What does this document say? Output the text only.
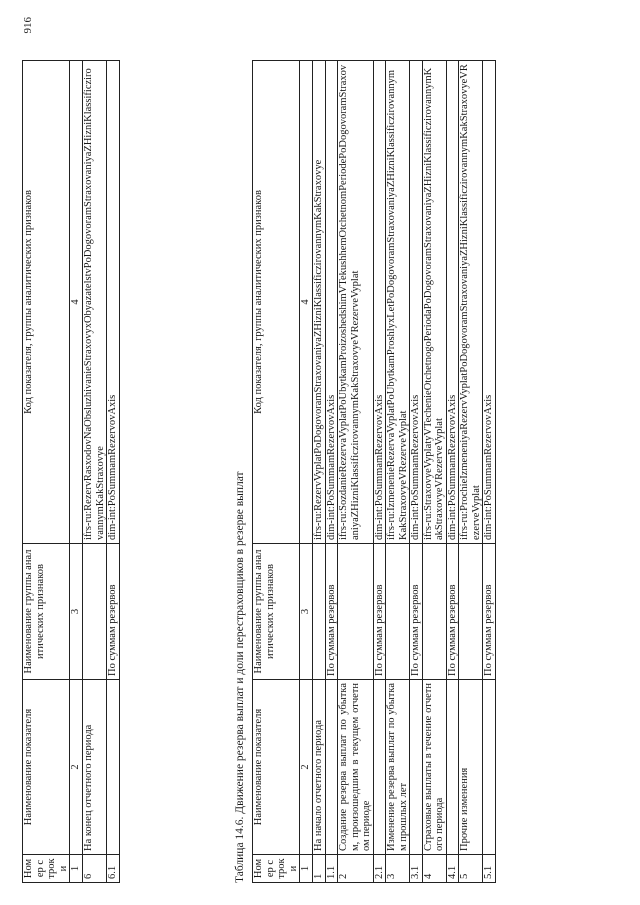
916
Номер строки	Наименование показателя	Наименование группы аналитических признаков	Код показателя, группы аналитических признаков
1	2	3	4
6	На конец отчетного периода		ifrs-ru:RezervRasxodovNaObsluzhivanieStraxovyxObyazatelstvPoDogovoramStraxovaniyaZHizniKlassificzirovannymKakStraxovye
6.1		По суммам резервов	dim-int:PoSummamRezervovAxis
Таблица 14.6. Движение резерва выплат и доли перестраховщиков в резерве выплат Номер строки	Наименование показателя	Наименование группы аналитических признаков	Код показателя, группы аналитических признаков
1	2	3	4
1	На начало отчетного периода		ifrs-ru:RezervVyplatPoDogovoramStraxovaniyaZHizniKlassificzirovannymKakStraxovye
1.1		По суммам резервов	dim-int:PoSummamRezervovAxis
2	Создание резерва выплат по убыткам, произошедшим в текущем отчетном периоде		ifrs-ru:SozdanieRezervaVyplatPoUbytkamProizoshedshimVTekushhemOtchetnomPeriodePoDogovoramStraxovaniyaZHizniKlassificzirovannymKakStraxovyeVRezerveVyplat
2.1		По суммам резервов	dim-int:PoSummamRezervovAxis
3	Изменение резерва выплат по убыткам прошлых лет		ifrs-ru:IzmenenieRezervaVyplatPoUbytkamProshlyxLetPoDogovoramStraxovaniyaZHizniKlassificzirovannymKakStraxovyeVRezerveVyplat
3.1		По суммам резервов	dim-int:PoSummamRezervovAxis
4	Страховые выплаты в течение отчетного периода		ifrs-ru:StraxovyeVyplatyVTechenieOtchetnogoPeriodaPoDogovoramStraxovaniyaZHizniKlassificzirovannymKakStraxovyeVRezerveVyplat
4.1		По суммам резервов	dim-int:PoSummamRezervovAxis
5	Прочие изменения		ifrs-ru:ProchieIzmeneniyaRezervVyplatPoDogovoramStraxovaniyaZHizniKlassificzirovannymKakStraxovyeVRezerveVyplat
5.1		По суммам резервов	dim-int:PoSummamRezervovAxis
